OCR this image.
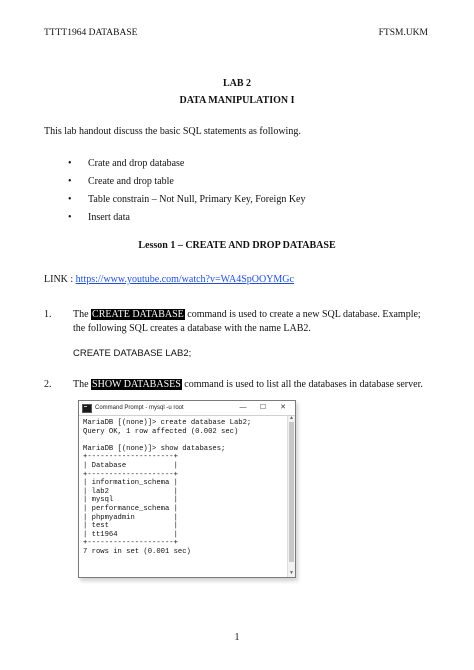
TTTT1964 DATABASE	FTSM.UKM
LAB 2
DATA MANIPULATION I
This lab handout discuss the basic SQL statements as following.
• Crate and drop database
• Create and drop table
• Table constrain – Not Null, Primary Key, Foreign Key
• Insert data
Lesson 1 – CREATE AND DROP DATABASE
LINK : https://www.youtube.com/watch?v=WA4SpOOYMGc
1. The CREATE DATABASE command is used to create a new SQL database. Example;
the following SQL creates a database with the name LAB2.
CREATE DATABASE LAB2;
2. The SHOW DATABASES command is used to list all the databases in database server.
Command Prompt - mysql -u root	—	☐	✕
MariaDB [(none)]> create database Lab2;
Query OK, 1 row affected (0.002 sec)

MariaDB [(none)]> show databases;
+--------------------+
| Database           |
+--------------------+
| information_schema |
| lab2               |
| mysql              |
| performance_schema |
| phpmyadmin         |
| test               |
| tt1964             |
+--------------------+
7 rows in set (0.001 sec)
▲
▼
1
